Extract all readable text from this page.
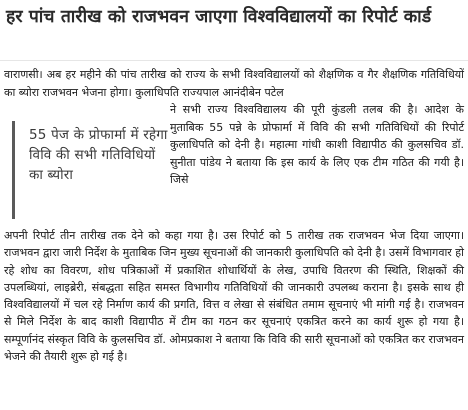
हर पांच तारीख को राजभवन जाएगा विश्वविद्यालयों का रिपोर्ट कार्ड
वाराणसी। अब हर महीने की पांच तारीख को राज्य के सभी विश्वविद्यालयों को शैक्षणिक व गैर शैक्षणिक गतिविधियों का ब्योरा राजभवन भेजना होगा। कुलाधिपति राज्यपाल आनंदीबेन पटेल
55 पेज के प्रोफार्मा में रहेगा विवि की सभी गतिविधियों का ब्योरा
ने सभी राज्य विश्वविद्यालय की पूरी कुंडली तलब की है। आदेश के मुताबिक 55 पन्ने के प्रोफार्मा में विवि की सभी गतिविधियों की रिपोर्ट कुलाधिपति को देनी है। महात्मा गांधी काशी विद्यापीठ की कुलसचिव डॉ. सुनीता पांडेय ने बताया कि इस कार्य के लिए एक टीम गठित की गयी है। जिसे
अपनी रिपोर्ट तीन तारीख तक देने को कहा गया है। उस रिपोर्ट को 5 तारीख तक राजभवन भेज दिया जाएगा। राजभवन द्वारा जारी निर्देश के मुताबिक जिन मुख्य सूचनाओं की जानकारी कुलाधिपति को देनी है। उसमें विभागवार हो रहे शोध का विवरण, शोध पत्रिकाओं में प्रकाशित शोधार्थियों के लेख, उपाधि वितरण की स्थिति, शिक्षकों की उपलब्धियां, लाइब्रेरी, संबद्धता सहित समस्त विभागीय गतिविधियों की जानकारी उपलब्ध कराना है। इसके साथ ही विश्वविद्यालयों में चल रहे निर्माण कार्य की प्रगति, वित्त व लेखा से संबंधित तमाम सूचनाएं भी मांगी गई है। राजभवन से मिले निर्देश के बाद काशी विद्यापीठ में टीम का गठन कर सूचनाएं एकत्रित करने का कार्य शुरू हो गया है। सम्पूर्णानंद संस्कृत विवि के कुलसचिव डॉ. ओमप्रकाश ने बताया कि विवि की सारी सूचनाओं को एकत्रित कर राजभवन भेजने की तैयारी शुरू हो गई है।
